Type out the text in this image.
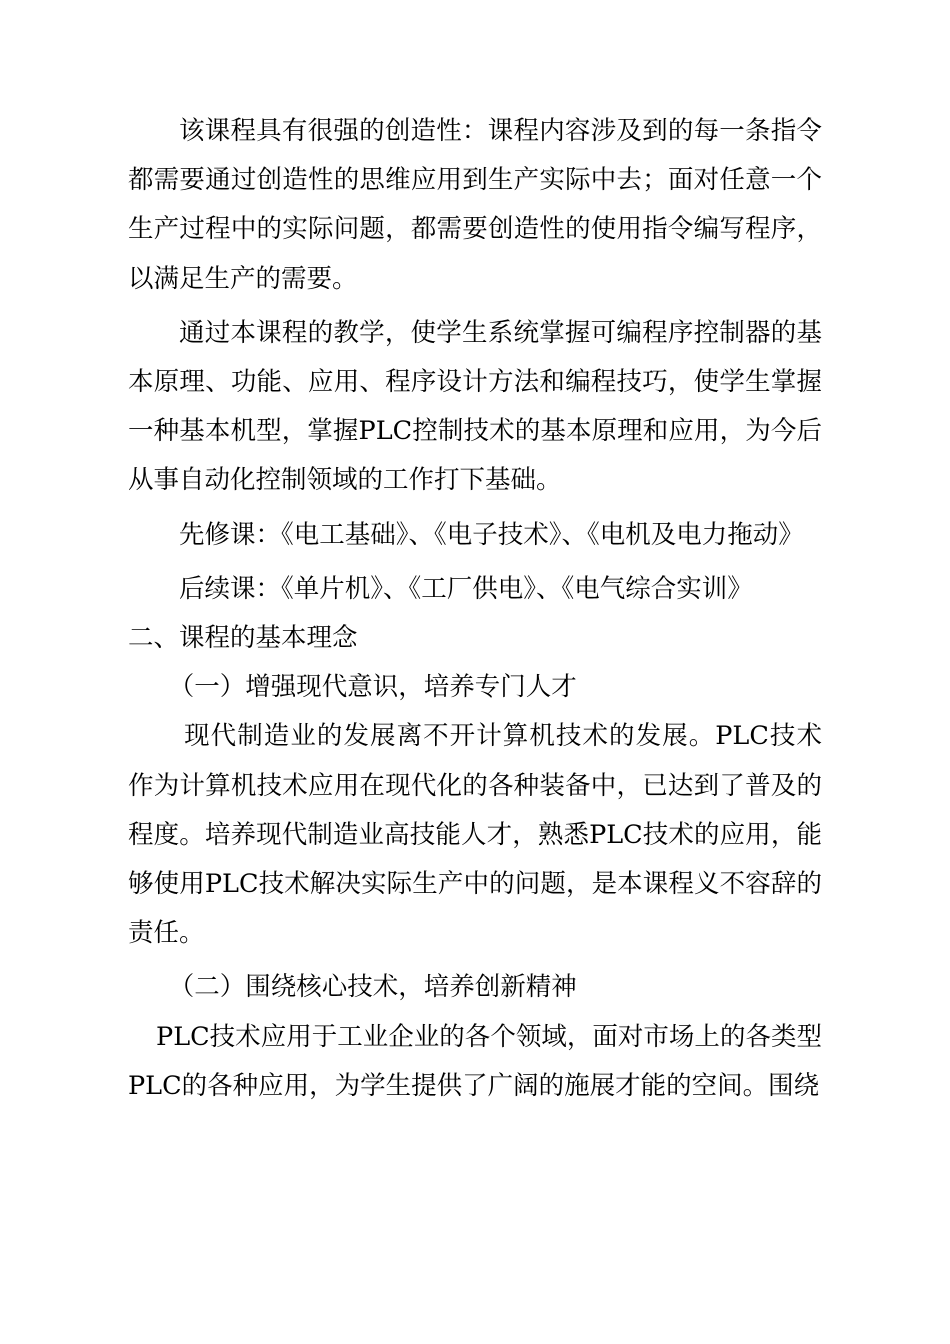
该课程具有很强的创造性：课程内容涉及到的每一条指令都需要通过创造性的思维应用到生产实际中去；面对任意一个生产过程中的实际问题，都需要创造性的使用指令编写程序，以满足生产的需要。

通过本课程的教学，使学生系统掌握可编程序控制器的基本原理、功能、应用、程序设计方法和编程技巧，使学生掌握一种基本机型，掌握PLC控制技术的基本原理和应用，为今后从事自动化控制领域的工作打下基础。

先修课：《电工基础》、《电子技术》、《电机及电力拖动》

后续课：《单片机》、《工厂供电》、《电气综合实训》

二、课程的基本理念

（一）增强现代意识，培养专门人才

现代制造业的发展离不开计算机技术的发展。PLC技术作为计算机技术应用在现代化的各种装备中，已达到了普及的程度。培养现代制造业高技能人才，熟悉PLC技术的应用，能够使用PLC技术解决实际生产中的问题，是本课程义不容辞的责任。

（二）围绕核心技术，培养创新精神

PLC技术应用于工业企业的各个领域，面对市场上的各类型PLC的各种应用，为学生提供了广阔的施展才能的空间。围绕
